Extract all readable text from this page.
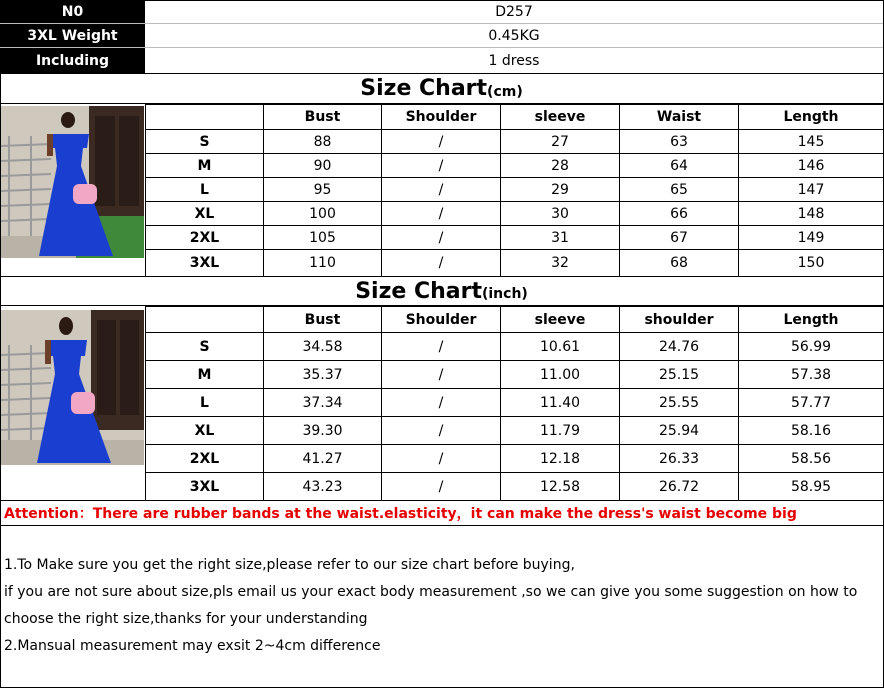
N0	D257
3XL Weight	0.45KG
Including	1 dress
Size Chart (cm)
	Bust	Shoulder	sleeve	Waist	Length
S	88	/	27	63	145
M	90	/	28	64	146
L	95	/	29	65	147
XL	100	/	30	66	148
2XL	105	/	31	67	149
3XL	110	/	32	68	150
Size Chart (inch)
	Bust	Shoulder	sleeve	shoulder	Length
S	34.58	/	10.61	24.76	56.99
M	35.37	/	11.00	25.15	57.38
L	37.34	/	11.40	25.55	57.77
XL	39.30	/	11.79	25.94	58.16
2XL	41.27	/	12.18	26.33	58.56
3XL	43.23	/	12.58	26.72	58.95
Attention：There are rubber bands at the waist.elasticity，it can make the dress's waist become big
1.To Make sure you get the right size,please refer to our size chart before buying,
if you are not sure about size,pls email us your exact body measurement ,so we can give you some suggestion on how to
choose the right size,thanks for your understanding
2.Mansual measurement may exsit 2~4cm difference
